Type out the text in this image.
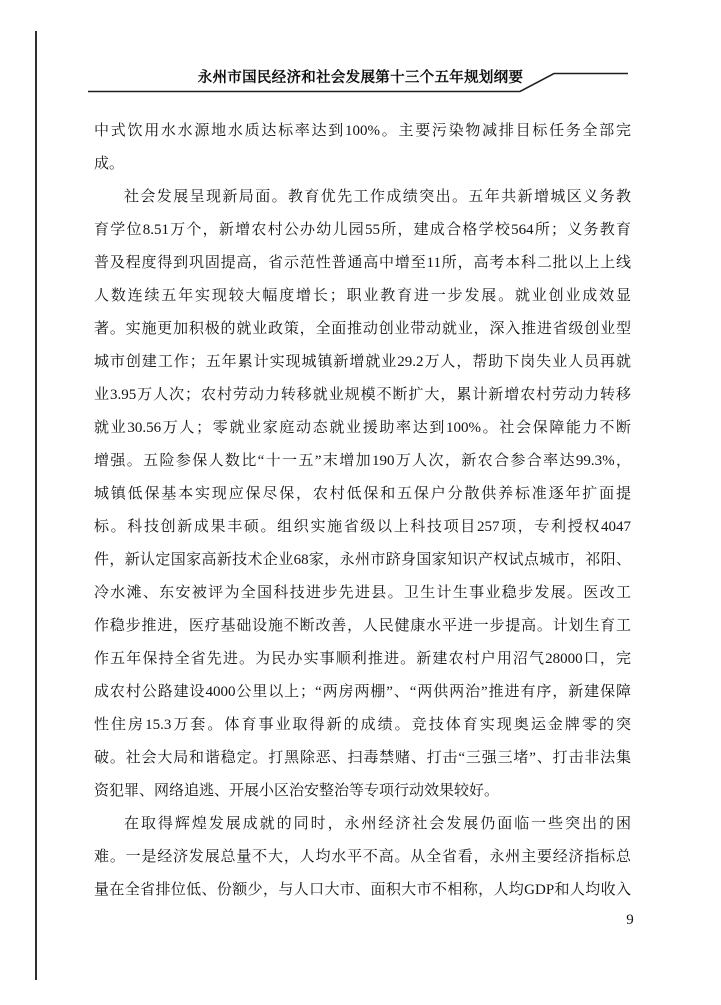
永州市国民经济和社会发展第十三个五年规划纲要
中式饮用水水源地水质达标率达到100%。主要污染物减排目标任务全部完
成。
社会发展呈现新局面。教育优先工作成绩突出。五年共新增城区义务教
育学位8.51万个，新增农村公办幼儿园55所，建成合格学校564所；义务教育
普及程度得到巩固提高，省示范性普通高中增至11所，高考本科二批以上上线
人数连续五年实现较大幅度增长；职业教育进一步发展。就业创业成效显
著。实施更加积极的就业政策，全面推动创业带动就业，深入推进省级创业型
城市创建工作；五年累计实现城镇新增就业29.2万人，帮助下岗失业人员再就
业3.95万人次；农村劳动力转移就业规模不断扩大，累计新增农村劳动力转移
就业30.56万人；零就业家庭动态就业援助率达到100%。社会保障能力不断
增强。五险参保人数比“十一五”末增加190万人次，新农合参合率达99.3%，
城镇低保基本实现应保尽保，农村低保和五保户分散供养标准逐年扩面提
标。科技创新成果丰硕。组织实施省级以上科技项目257项，专利授权4047
件，新认定国家高新技术企业68家，永州市跻身国家知识产权试点城市，祁阳、
冷水滩、东安被评为全国科技进步先进县。卫生计生事业稳步发展。医改工
作稳步推进，医疗基础设施不断改善，人民健康水平进一步提高。计划生育工
作五年保持全省先进。为民办实事顺利推进。新建农村户用沼气28000口，完
成农村公路建设4000公里以上；“两房两棚”、“两供两治”推进有序，新建保障
性住房15.3万套。体育事业取得新的成绩。竞技体育实现奥运金牌零的突
破。社会大局和谐稳定。打黑除恶、扫毒禁赌、打击“三强三堵”、打击非法集
资犯罪、网络追逃、开展小区治安整治等专项行动效果较好。
在取得辉煌发展成就的同时，永州经济社会发展仍面临一些突出的困
难。一是经济发展总量不大，人均水平不高。从全省看，永州主要经济指标总
量在全省排位低、份额少，与人口大市、面积大市不相称，人均GDP和人均收入
9
